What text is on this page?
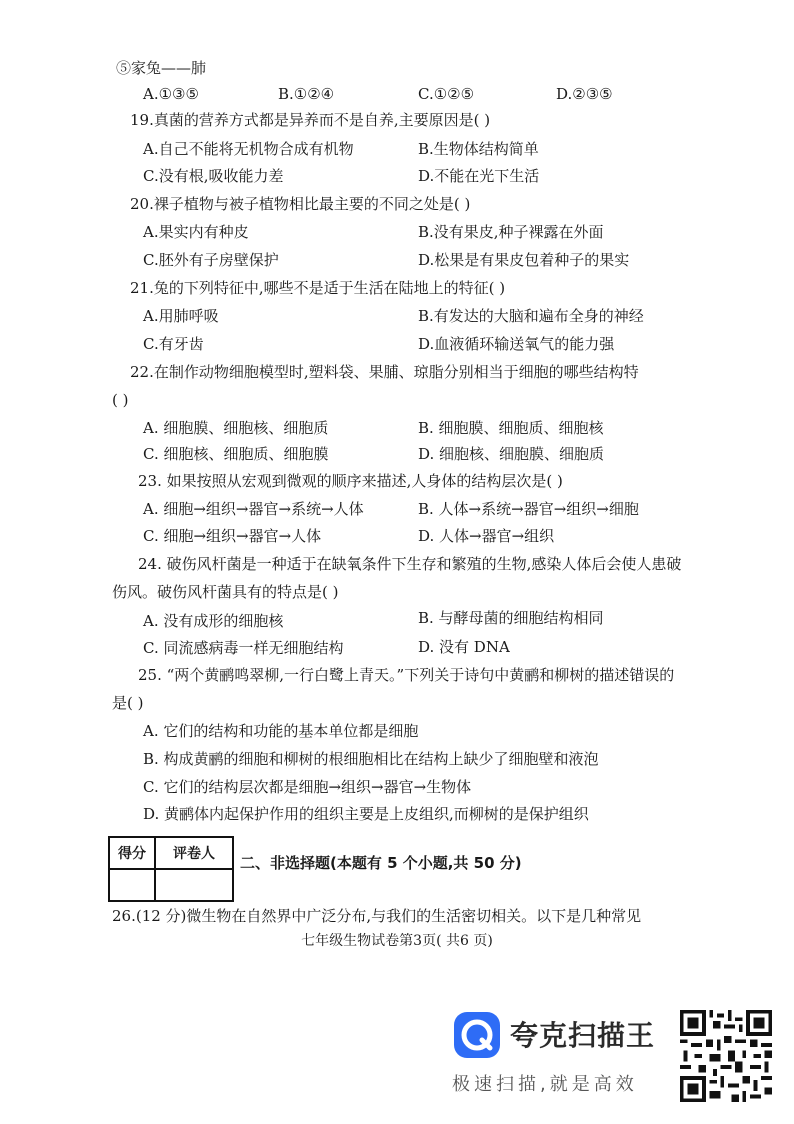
⑤家兔——肺
A.①③⑤	B.①②④	C.①②⑤	D.②③⑤
19.真菌的营养方式都是异养而不是自养,主要原因是( )
A.自己不能将无机物合成有机物	B.生物体结构简单
C.没有根,吸收能力差	D.不能在光下生活
20.裸子植物与被子植物相比最主要的不同之处是( )
A.果实内有种皮	B.没有果皮,种子裸露在外面
C.胚外有子房壁保护	D.松果是有果皮包着种子的果实
21.兔的下列特征中,哪些不是适于生活在陆地上的特征( )
A.用肺呼吸	B.有发达的大脑和遍布全身的神经
C.有牙齿	D.血液循环输送氧气的能力强
22.在制作动物细胞模型时,塑料袋、果脯、琼脂分别相当于细胞的哪些结构特
( )
A. 细胞膜、细胞核、细胞质	B. 细胞膜、细胞质、细胞核
C. 细胞核、细胞质、细胞膜	D. 细胞核、细胞膜、细胞质
23. 如果按照从宏观到微观的顺序来描述,人身体的结构层次是( )
A. 细胞→组织→器官→系统→人体	B. 人体→系统→器官→组织→细胞
C. 细胞→组织→器官→人体	D. 人体→器官→组织
24. 破伤风杆菌是一种适于在缺氧条件下生存和繁殖的生物,感染人体后会使人患破
伤风。破伤风杆菌具有的特点是( )
A. 没有成形的细胞核	B. 与酵母菌的细胞结构相同
C. 同流感病毒一样无细胞结构	D. 没有 DNA
25. “两个黄鹂鸣翠柳,一行白鹭上青天。”下列关于诗句中黄鹂和柳树的描述错误的
是( )
A. 它们的结构和功能的基本单位都是细胞
B. 构成黄鹂的细胞和柳树的根细胞相比在结构上缺少了细胞壁和液泡
C. 它们的结构层次都是细胞→组织→器官→生物体
D. 黄鹂体内起保护作用的组织主要是上皮组织,而柳树的是保护组织
得分	评卷人
	二、非选择题(本题有 5 个小题,共 50 分)
26.(12 分)微生物在自然界中广泛分布,与我们的生活密切相关。以下是几种常见
七年级生物试卷第3页( 共6 页)
夸克扫描王
极速扫描,就是高效
